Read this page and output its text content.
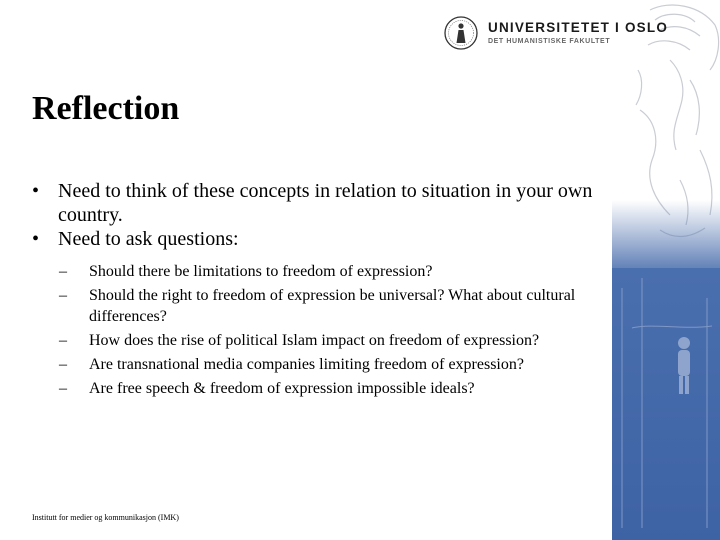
UNIVERSITETET I OSLO
DET HUMANISTISKE FAKULTET
Reflection
• Need to think of these concepts in relation to situation in your own country.
• Need to ask questions:
–	Should there be limitations to freedom of expression?
–	Should the right to freedom of expression be universal? What about cultural differences?
–	How does the rise of political Islam impact on freedom of expression?
–	Are transnational media companies limiting freedom of expression?
–	Are free speech & freedom of expression impossible ideals?
Institutt for medier og kommunikasjon (IMK)
